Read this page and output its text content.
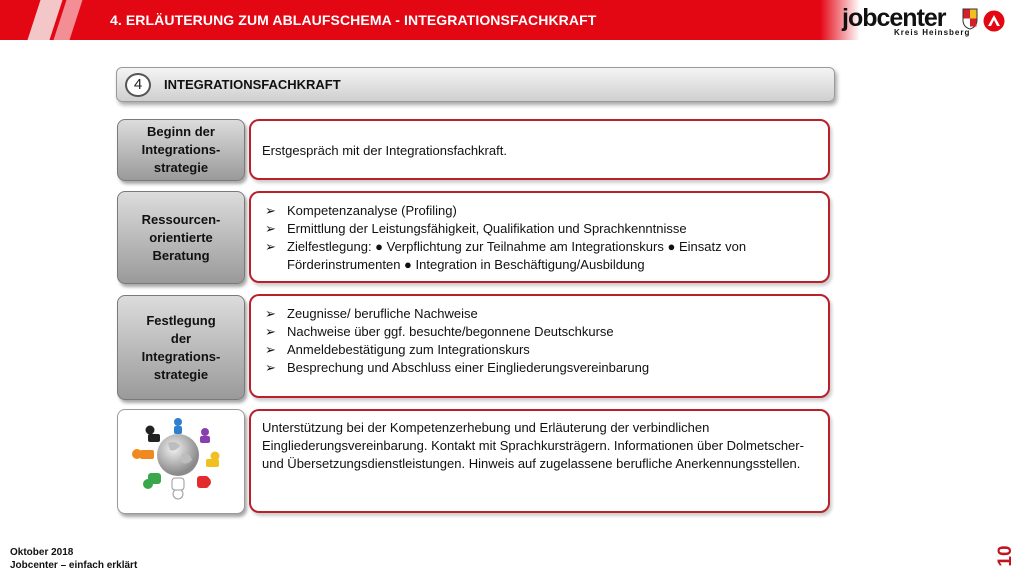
4. ERLÄUTERUNG ZUM ABLAUFSCHEMA - INTEGRATIONSFACHKRAFT	jobcenter
Kreis Heinsberg
4	INTEGRATIONSFACHKRAFT
Beginn der
Integrations-
strategie
Erstgespräch mit der Integrationsfachkraft.
Ressourcen-
orientierte
Beratung
➢ Kompetenzanalyse (Profiling)
➢ Ermittlung der Leistungsfähigkeit, Qualifikation und Sprachkenntnisse
➢ Zielfestlegung: ● Verpflichtung zur Teilnahme am Integrationskurs ● Einsatz von Förderinstrumenten ● Integration in Beschäftigung/Ausbildung
Festlegung
der
Integrations-
strategie
➢ Zeugnisse/ berufliche Nachweise
➢ Nachweise über ggf. besuchte/begonnene Deutschkurse
➢ Anmeldebestätigung zum Integrationskurs
➢ Besprechung und Abschluss einer Eingliederungsvereinbarung
Unterstützung bei der Kompetenzerhebung und Erläuterung der verbindlichen Eingliederungsvereinbarung. Kontakt mit Sprachkursträgern. Informationen über Dolmetscher- und Übersetzungsdienstleistungen. Hinweis auf zugelassene berufliche Anerkennungsstellen.
Oktober 2018
Jobcenter – einfach erklärt	10
